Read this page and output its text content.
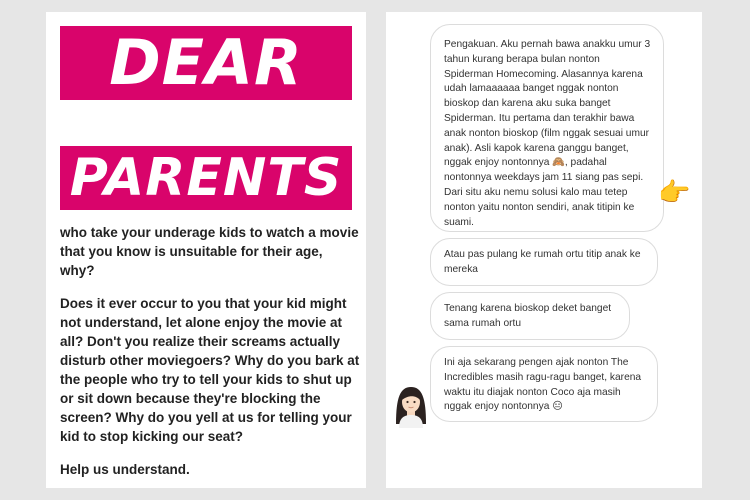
DEAR
PARENTS

who take your underage kids to watch a movie that you know is unsuitable for their age, why?

Does it ever occur to you that your kid might not understand, let alone enjoy the movie at all? Don't you realize their screams actually disturb other moviegoers? Why do you bark at the people who try to tell your kids to shut up or sit down because they're blocking the screen? Why do you yell at us for telling your kid to stop kicking our seat?

Help us understand.

Pengakuan. Aku pernah bawa anakku umur 3 tahun kurang berapa bulan nonton Spiderman Homecoming. Alasannya karena udah lamaaaaaa banget nggak nonton bioskop dan karena aku suka banget Spiderman. Itu pertama dan terakhir bawa anak nonton bioskop (film nggak sesuai umur anak). Asli kapok karena ganggu banget, nggak enjoy nontonnya 🙈, padahal nontonnya weekdays jam 11 siang pas sepi. Dari situ aku nemu solusi kalo mau tetep nonton yaitu nonton sendiri, anak titipin ke suami.
👉
Atau pas pulang ke rumah ortu titip anak ke mereka
Tenang karena bioskop deket banget sama rumah ortu
Ini aja sekarang pengen ajak nonton The Incredibles masih ragu-ragu banget, karena waktu itu diajak nonton Coco aja masih nggak enjoy nontonnya 😑
